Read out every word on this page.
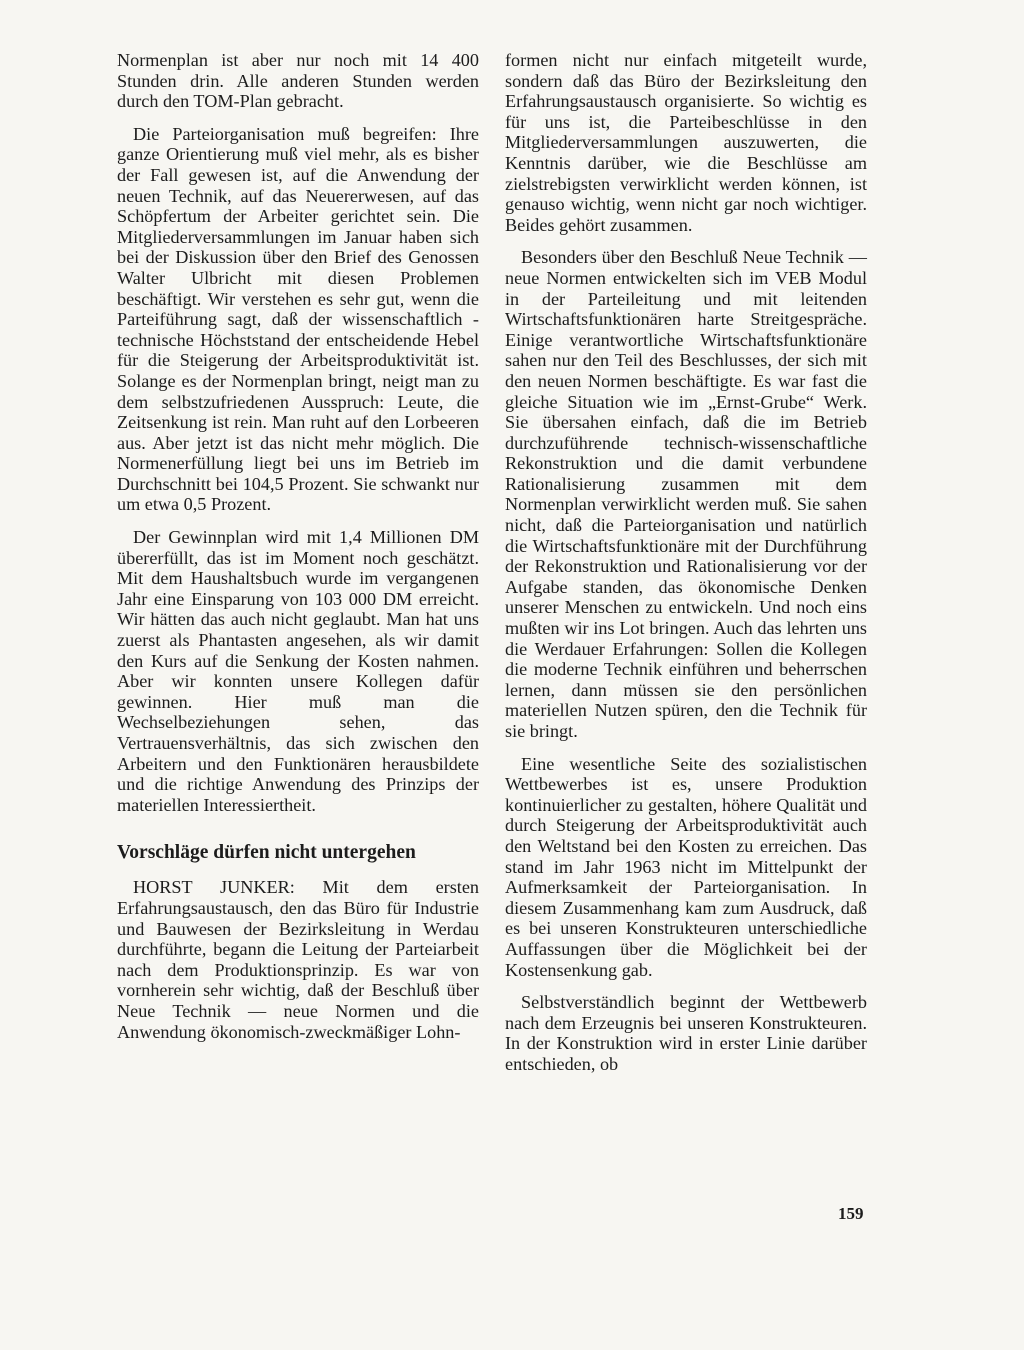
Normenplan ist aber nur noch mit 14 400 Stunden drin. Alle anderen Stunden werden durch den TOM-Plan gebracht.

Die Parteiorganisation muß begreifen: Ihre ganze Orientierung muß viel mehr, als es bisher der Fall gewesen ist, auf die Anwendung der neuen Technik, auf das Neuererwesen, auf das Schöpfertum der Arbeiter gerichtet sein. Die Mitgliederversammlungen im Januar haben sich bei der Diskussion über den Brief des Genossen Walter Ulbricht mit diesen Problemen beschäftigt. Wir verstehen es sehr gut, wenn die Parteiführung sagt, daß der wissenschaftlich - technische Höchststand der entscheidende Hebel für die Steigerung der Arbeitsproduktivität ist. Solange es der Normenplan bringt, neigt man zu dem selbstzufriedenen Ausspruch: Leute, die Zeitsenkung ist rein. Man ruht auf den Lorbeeren aus. Aber jetzt ist das nicht mehr möglich. Die Normenerfüllung liegt bei uns im Betrieb im Durchschnitt bei 104,5 Prozent. Sie schwankt nur um etwa 0,5 Prozent.

Der Gewinnplan wird mit 1,4 Millionen DM übererfüllt, das ist im Moment noch geschätzt. Mit dem Haushaltsbuch wurde im vergangenen Jahr eine Einsparung von 103 000 DM erreicht. Wir hätten das auch nicht geglaubt. Man hat uns zuerst als Phantasten angesehen, als wir damit den Kurs auf die Senkung der Kosten nahmen. Aber wir konnten unsere Kollegen dafür gewinnen. Hier muß man die Wechselbeziehungen sehen, das Vertrauensverhältnis, das sich zwischen den Arbeitern und den Funktionären herausbildete und die richtige Anwendung des Prinzips der materiellen Interessiertheit.

Vorschläge dürfen nicht untergehen

HORST JUNKER: Mit dem ersten Erfahrungsaustausch, den das Büro für Industrie und Bauwesen der Bezirksleitung in Werdau durchführte, begann die Leitung der Parteiarbeit nach dem Produktionsprinzip. Es war von vornherein sehr wichtig, daß der Beschluß über Neue Technik — neue Normen und die Anwendung ökonomisch-zweckmäßiger Lohn-

formen nicht nur einfach mitgeteilt wurde, sondern daß das Büro der Bezirksleitung den Erfahrungsaustausch organisierte. So wichtig es für uns ist, die Parteibeschlüsse in den Mitgliederversammlungen auszuwerten, die Kenntnis darüber, wie die Beschlüsse am zielstrebigsten verwirklicht werden können, ist genauso wichtig, wenn nicht gar noch wichtiger. Beides gehört zusammen.

Besonders über den Beschluß Neue Technik — neue Normen entwickelten sich im VEB Modul in der Parteileitung und mit leitenden Wirtschaftsfunktionären harte Streitgespräche. Einige verantwortliche Wirtschaftsfunktionäre sahen nur den Teil des Beschlusses, der sich mit den neuen Normen beschäftigte. Es war fast die gleiche Situation wie im „Ernst-Grube“ Werk. Sie übersahen einfach, daß die im Betrieb durchzuführende technisch-wissenschaftliche Rekonstruktion und die damit verbundene Rationalisierung zusammen mit dem Normenplan verwirklicht werden muß. Sie sahen nicht, daß die Parteiorganisation und natürlich die Wirtschaftsfunktionäre mit der Durchführung der Rekonstruktion und Rationalisierung vor der Aufgabe standen, das ökonomische Denken unserer Menschen zu entwickeln. Und noch eins mußten wir ins Lot bringen. Auch das lehrten uns die Werdauer Erfahrungen: Sollen die Kollegen die moderne Technik einführen und beherrschen lernen, dann müssen sie den persönlichen materiellen Nutzen spüren, den die Technik für sie bringt.

Eine wesentliche Seite des sozialistischen Wettbewerbes ist es, unsere Produktion kontinuierlicher zu gestalten, höhere Qualität und durch Steigerung der Arbeitsproduktivität auch den Weltstand bei den Kosten zu erreichen. Das stand im Jahr 1963 nicht im Mittelpunkt der Aufmerksamkeit der Parteiorganisation. In diesem Zusammenhang kam zum Ausdruck, daß es bei unseren Konstrukteuren unterschiedliche Auffassungen über die Möglichkeit bei der Kostensenkung gab.

Selbstverständlich beginnt der Wettbewerb nach dem Erzeugnis bei unseren Konstrukteuren. In der Konstruktion wird in erster Linie darüber entschieden, ob

159
